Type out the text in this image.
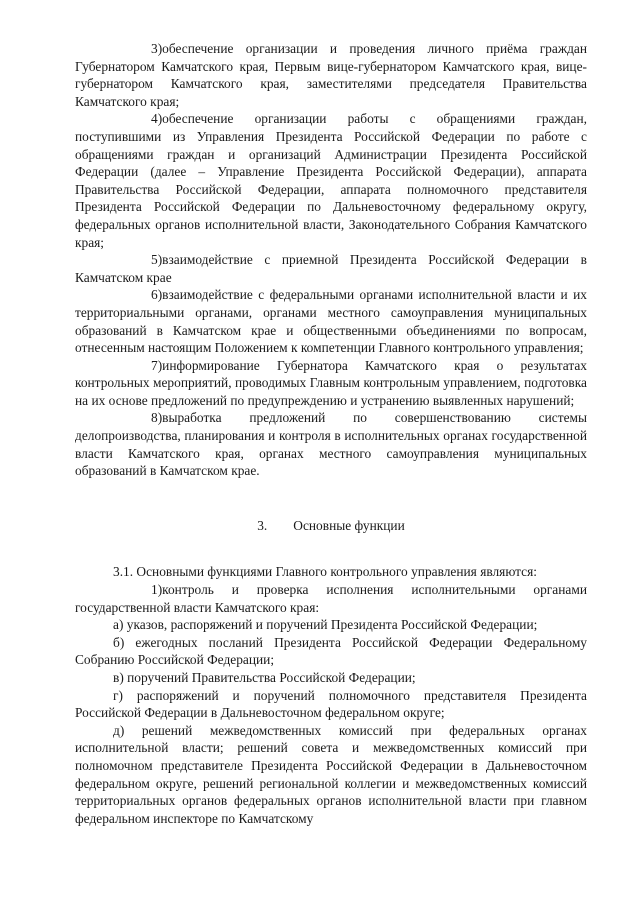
3)обеспечение организации и проведения личного приёма граждан Губернатором Камчатского края, Первым вице-губернатором Камчатского края, вице-губернатором Камчатского края, заместителями председателя Правительства Камчатского края;

4)обеспечение организации работы с обращениями граждан, поступившими из Управления Президента Российской Федерации по работе с обращениями граждан и организаций Администрации Президента Российской Федерации (далее – Управление Президента Российской Федерации), аппарата Правительства Российской Федерации, аппарата полномочного представителя Президента Российской Федерации по Дальневосточному федеральному округу, федеральных органов исполнительной власти, Законодательного Собрания Камчатского края;

5)взаимодействие с приемной Президента Российской Федерации в Камчатском крае

6)взаимодействие с федеральными органами исполнительной власти и их территориальными органами, органами местного самоуправления муниципальных образований в Камчатском крае и общественными объединениями по вопросам, отнесенным настоящим Положением к компетенции Главного контрольного управления;

7)информирование Губернатора Камчатского края о результатах контрольных мероприятий, проводимых Главным контрольным управлением, подготовка на их основе предложений по предупреждению и устранению выявленных нарушений;

8)выработка предложений по совершенствованию системы делопроизводства, планирования и контроля в исполнительных органах государственной власти Камчатского края, органах местного самоуправления муниципальных образований в Камчатском крае.

3. Основные функции

3.1. Основными функциями Главного контрольного управления являются:

1)контроль и проверка исполнения исполнительными органами государственной власти Камчатского края:

а) указов, распоряжений и поручений Президента Российской Федерации;

б) ежегодных посланий Президента Российской Федерации Федеральному Собранию Российской Федерации;

в) поручений Правительства Российской Федерации;

г) распоряжений и поручений полномочного представителя Президента Российской Федерации в Дальневосточном федеральном округе;

д) решений межведомственных комиссий при федеральных органах исполнительной власти; решений совета и межведомственных комиссий при полномочном представителе Президента Российской Федерации в Дальневосточном федеральном округе, решений региональной коллегии и межведомственных комиссий территориальных органов федеральных органов исполнительной власти при главном федеральном инспекторе по Камчатскому
